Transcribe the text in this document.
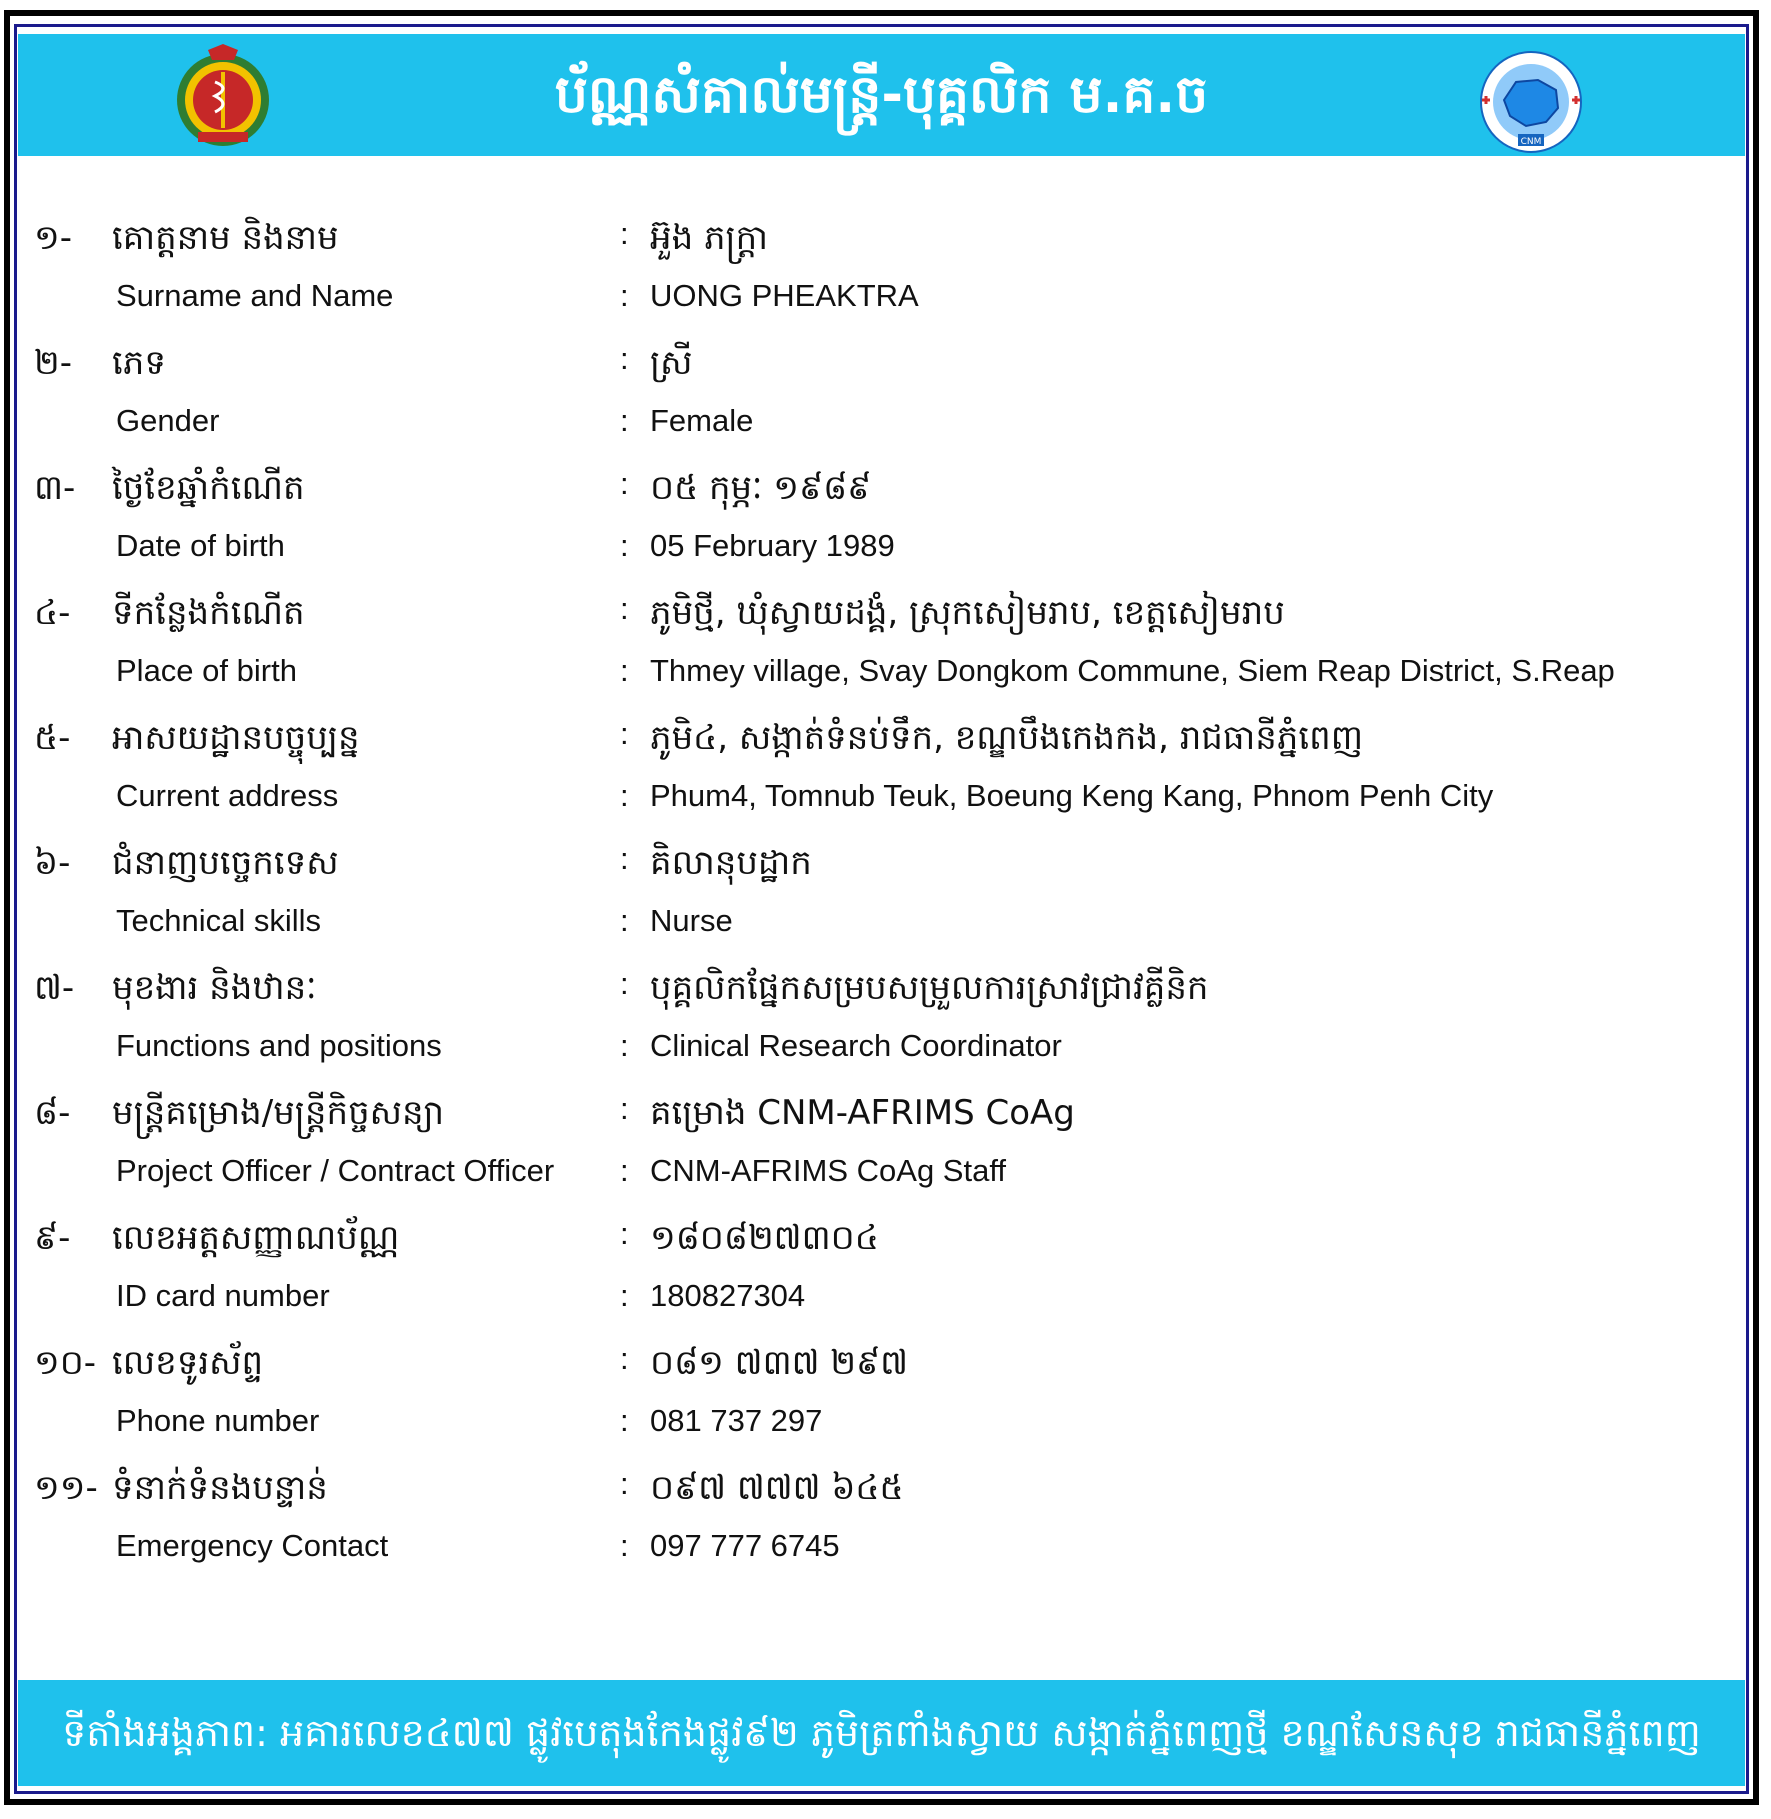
ប័ណ្ណសំគាល់មន្ត្រី-បុគ្គលិក ម.គ.ច
CNM
១- គោត្តនាម និងនាម	: អ៊ួង ភក្ត្រា
Surname and Name	: UONG PHEAKTRA
២- ភេទ	: ស្រី
Gender	: Female
៣- ថ្ងៃខែឆ្នាំកំណើត	: ០៥ កុម្ភៈ ១៩៨៩
Date of birth	: 05 February 1989
៤- ទីកន្លែងកំណើត	: ភូមិថ្មី, ឃុំស្វាយដង្គំ, ស្រុកសៀមរាប, ខេត្តសៀមរាប
Place of birth	: Thmey village, Svay Dongkom Commune, Siem Reap District, S.Reap
៥- អាសយដ្ឋានបច្ចុប្បន្ន	: ភូមិ៤, សង្កាត់ទំនប់ទឹក, ខណ្ឌបឹងកេងកង, រាជធានីភ្នំពេញ
Current address	: Phum4, Tomnub Teuk, Boeung Keng Kang, Phnom Penh City
៦- ជំនាញបច្ចេកទេស	: គិលានុបដ្ឋាក
Technical skills	: Nurse
៧- មុខងារ និងឋានៈ	: បុគ្គលិកផ្នែកសម្របសម្រួលការស្រាវជ្រាវគ្លីនិក
Functions and positions	: Clinical Research Coordinator
៨- មន្ត្រីគម្រោង/មន្ត្រីកិច្ចសន្យា	: គម្រោង CNM-AFRIMS CoAg
Project Officer / Contract Officer : CNM-AFRIMS CoAg Staff
៩- លេខអត្តសញ្ញាណប័ណ្ណ	: ១៨០៨២៧៣០៤
ID card number	: 180827304
១០- លេខទូរស័ព្ទ	: ០៨១ ៧៣៧ ២៩៧
Phone number	: 081 737 297
១១- ទំនាក់ទំនងបន្ទាន់	: ០៩៧ ៧៧៧ ៦៤៥
Emergency Contact	: 097 777 6745
ទីតាំងអង្គភាព: អគារលេខ៤៧៧ ផ្លូវបេតុងកែងផ្លូវ៩២ ភូមិត្រពាំងស្វាយ សង្កាត់ភ្នំពេញថ្មី ខណ្ឌសែនសុខ រាជធានីភ្នំពេញ
